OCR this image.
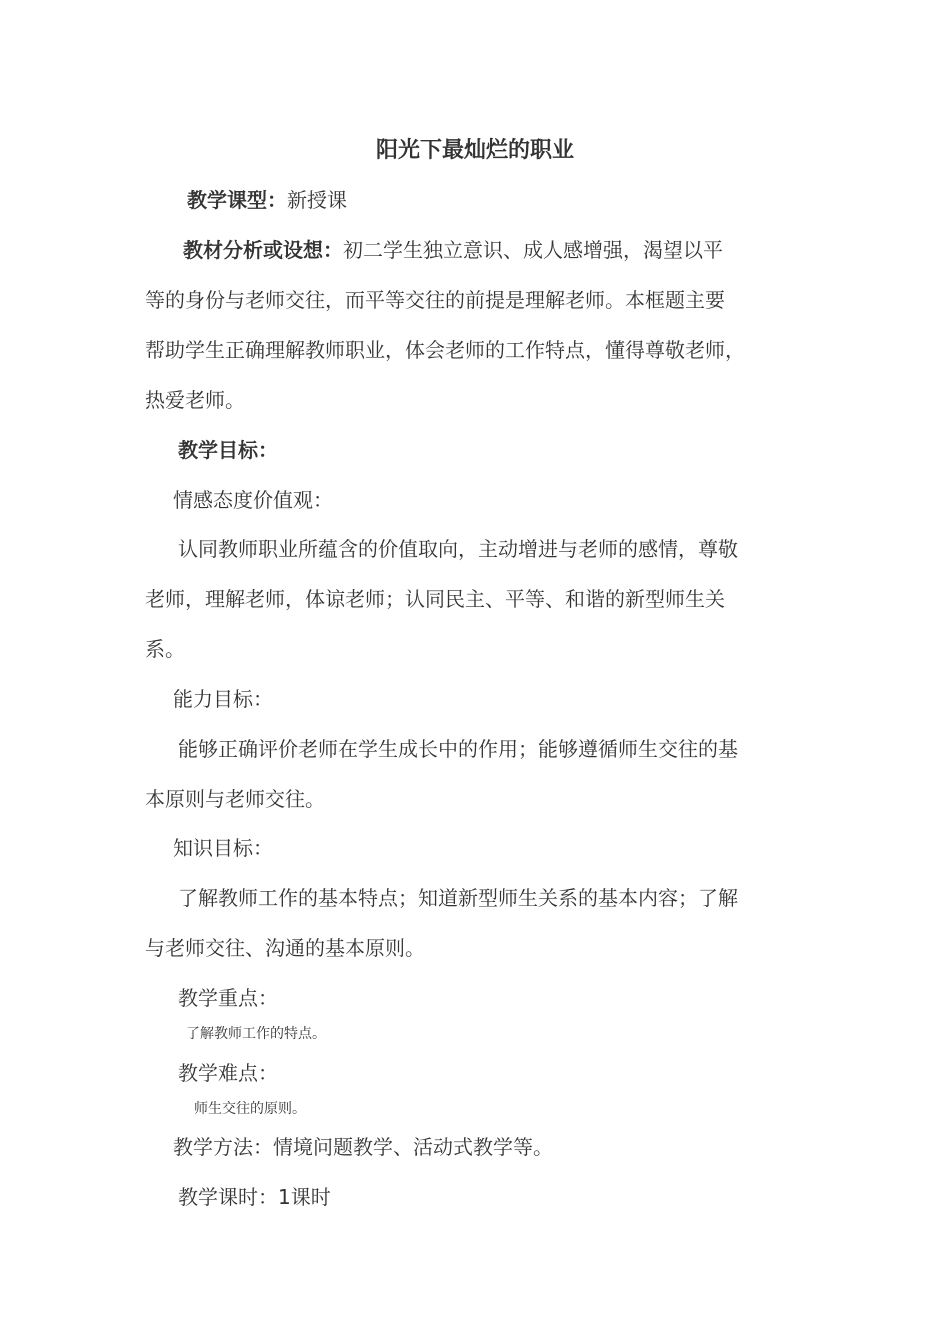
阳光下最灿烂的职业
教学课型：新授课
教材分析或设想：初二学生独立意识、成人感增强，渴望以平
等的身份与老师交往，而平等交往的前提是理解老师。本框题主要
帮助学生正确理解教师职业，体会老师的工作特点，懂得尊敬老师，
热爱老师。
教学目标：
情感态度价值观：
认同教师职业所蕴含的价值取向，主动增进与老师的感情，尊敬
老师，理解老师，体谅老师；认同民主、平等、和谐的新型师生关
系。
能力目标：
能够正确评价老师在学生成长中的作用；能够遵循师生交往的基
本原则与老师交往。
知识目标：
了解教师工作的基本特点；知道新型师生关系的基本内容；了解
与老师交往、沟通的基本原则。
教学重点：
了解教师工作的特点。
教学难点：
师生交往的原则。
教学方法：情境问题教学、活动式教学等。
教学课时：1课时
